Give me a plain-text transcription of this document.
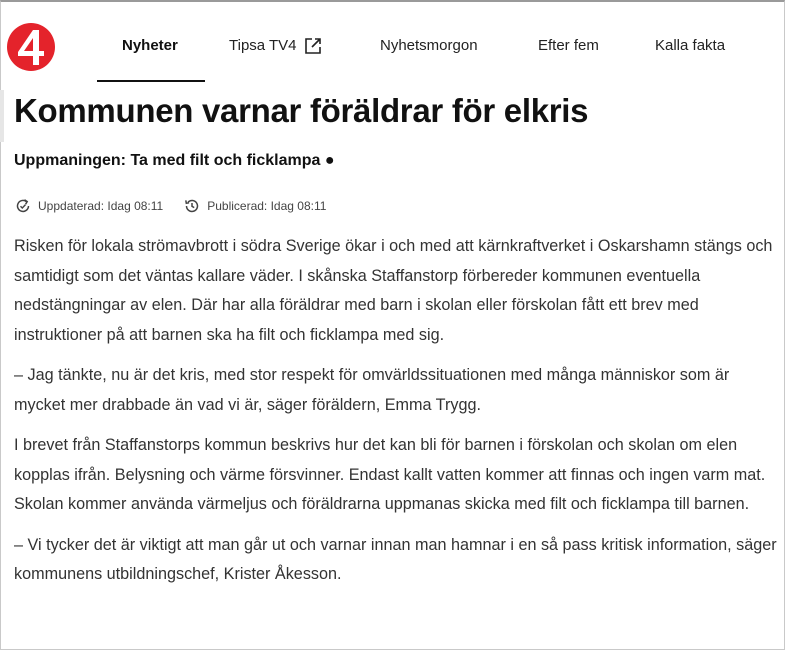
Nyheter	Tipsa TV4	Nyhetsmorgon	Efter fem	Kalla fakta
Kommunen varnar föräldrar för elkris

Uppmaningen: Ta med filt och ficklampa ●

Uppdaterad: Idag 08:11	Publicerad: Idag 08:11

Risken för lokala strömavbrott i södra Sverige ökar i och med att kärnkraftverket i Oskarshamn stängs och samtidigt som det väntas kallare väder. I skånska Staffanstorp förbereder kommunen eventuella nedstängningar av elen. Där har alla föräldrar med barn i skolan eller förskolan fått ett brev med instruktioner på att barnen ska ha filt och ficklampa med sig.

– Jag tänkte, nu är det kris, med stor respekt för omvärldssituationen med många människor som är mycket mer drabbade än vad vi är, säger föräldern, Emma Trygg.

I brevet från Staffanstorps kommun beskrivs hur det kan bli för barnen i förskolan och skolan om elen kopplas ifrån. Belysning och värme försvinner. Endast kallt vatten kommer att finnas och ingen varm mat. Skolan kommer använda värmeljus och föräldrarna uppmanas skicka med filt och ficklampa till barnen.

– Vi tycker det är viktigt att man går ut och varnar innan man hamnar i en så pass kritisk information, säger kommunens utbildningschef, Krister Åkesson.
